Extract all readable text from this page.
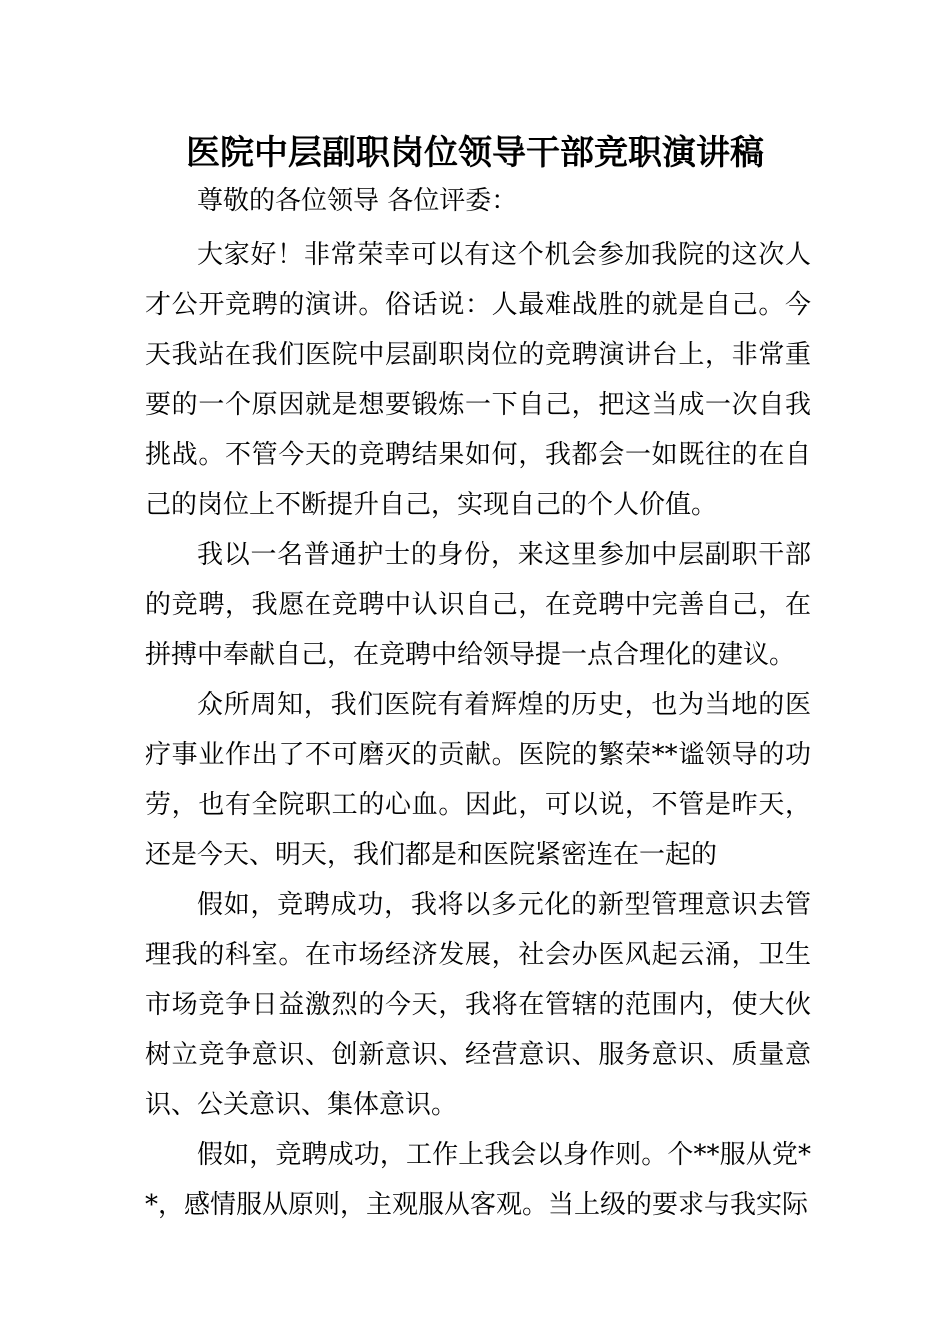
医院中层副职岗位领导干部竞职演讲稿

尊敬的各位领导 各位评委：

大家好！非常荣幸可以有这个机会参加我院的这次人才公开竞聘的演讲。俗话说：人最难战胜的就是自己。今天我站在我们医院中层副职岗位的竞聘演讲台上，非常重要的一个原因就是想要锻炼一下自己，把这当成一次自我挑战。不管今天的竞聘结果如何，我都会一如既往的在自己的岗位上不断提升自己，实现自己的个人价值。

我以一名普通护士的身份，来这里参加中层副职干部的竞聘，我愿在竞聘中认识自己，在竞聘中完善自己，在拼搏中奉献自己，在竞聘中给领导提一点合理化的建议。

众所周知，我们医院有着辉煌的历史，也为当地的医疗事业作出了不可磨灭的贡献。医院的繁荣**谧领导的功劳，也有全院职工的心血。因此，可以说，不管是昨天，还是今天、明天，我们都是和医院紧密连在一起的

假如，竞聘成功，我将以多元化的新型管理意识去管理我的科室。在市场经济发展，社会办医风起云涌，卫生市场竞争日益激烈的今天，我将在管辖的范围内，使大伙树立竞争意识、创新意识、经营意识、服务意识、质量意识、公关意识、集体意识。

假如，竞聘成功，工作上我会以身作则。个**服从党**，感情服从原则，主观服从客观。当上级的要求与我实际
